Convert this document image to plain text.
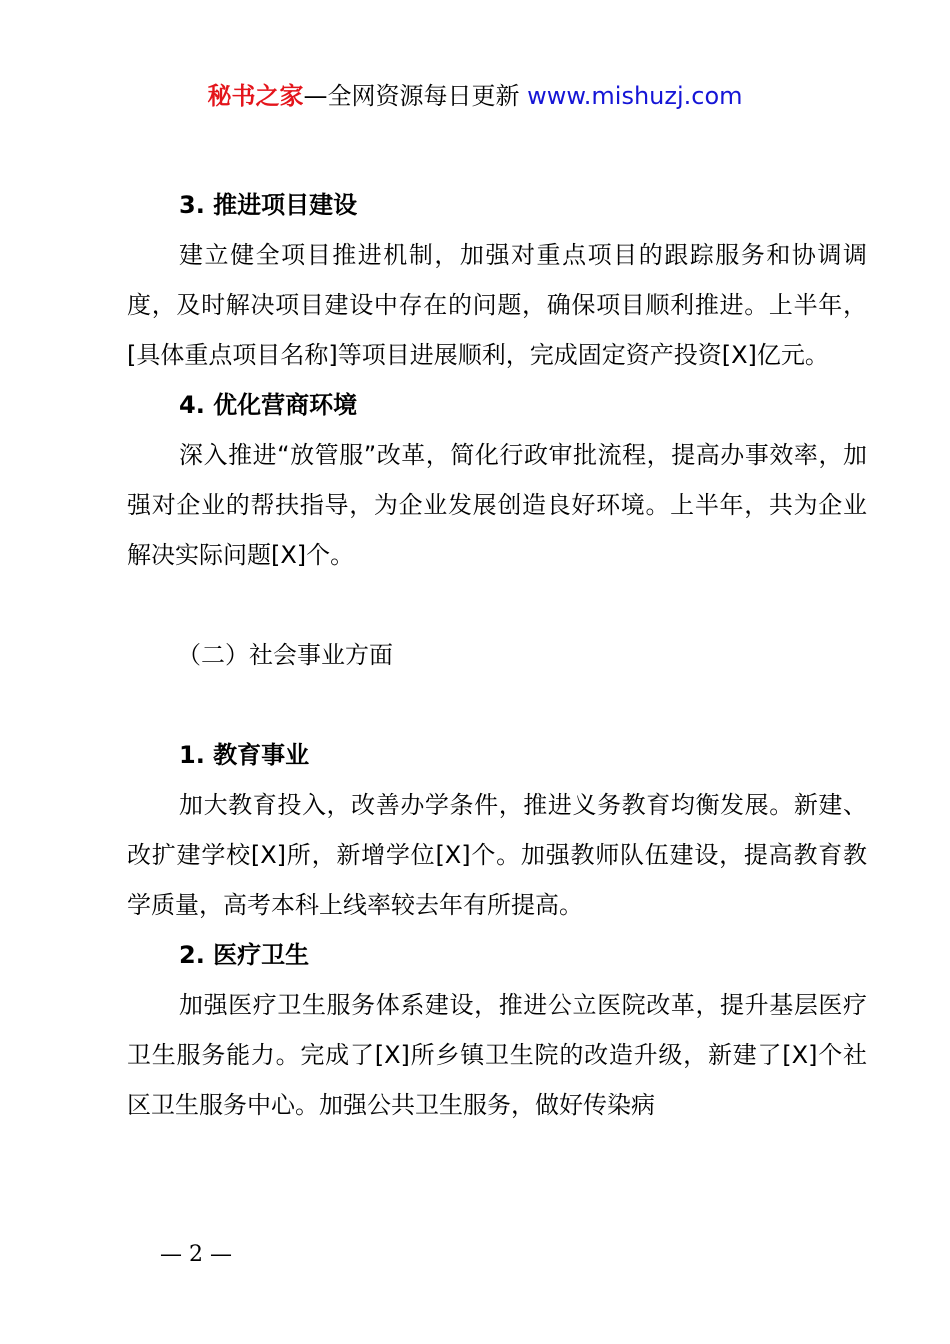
秘书之家—全网资源每日更新 www.mishuzj.com
3. 推进项目建设

建立健全项目推进机制，加强对重点项目的跟踪服务和协调调度，及时解决项目建设中存在的问题，确保项目顺利推进。上半年，[具体重点项目名称]等项目进展顺利，完成固定资产投资[X]亿元。

4. 优化营商环境

深入推进“放管服”改革，简化行政审批流程，提高办事效率，加强对企业的帮扶指导，为企业发展创造良好环境。上半年，共为企业解决实际问题[X]个。

（二）社会事业方面
1. 教育事业

加大教育投入，改善办学条件，推进义务教育均衡发展。新建、改扩建学校[X]所，新增学位[X]个。加强教师队伍建设，提高教育教学质量，高考本科上线率较去年有所提高。

2. 医疗卫生

加强医疗卫生服务体系建设，推进公立医院改革，提升基层医疗卫生服务能力。完成了[X]所乡镇卫生院的改造升级，新建了[X]个社区卫生服务中心。加强公共卫生服务，做好传染病

— 2 —
